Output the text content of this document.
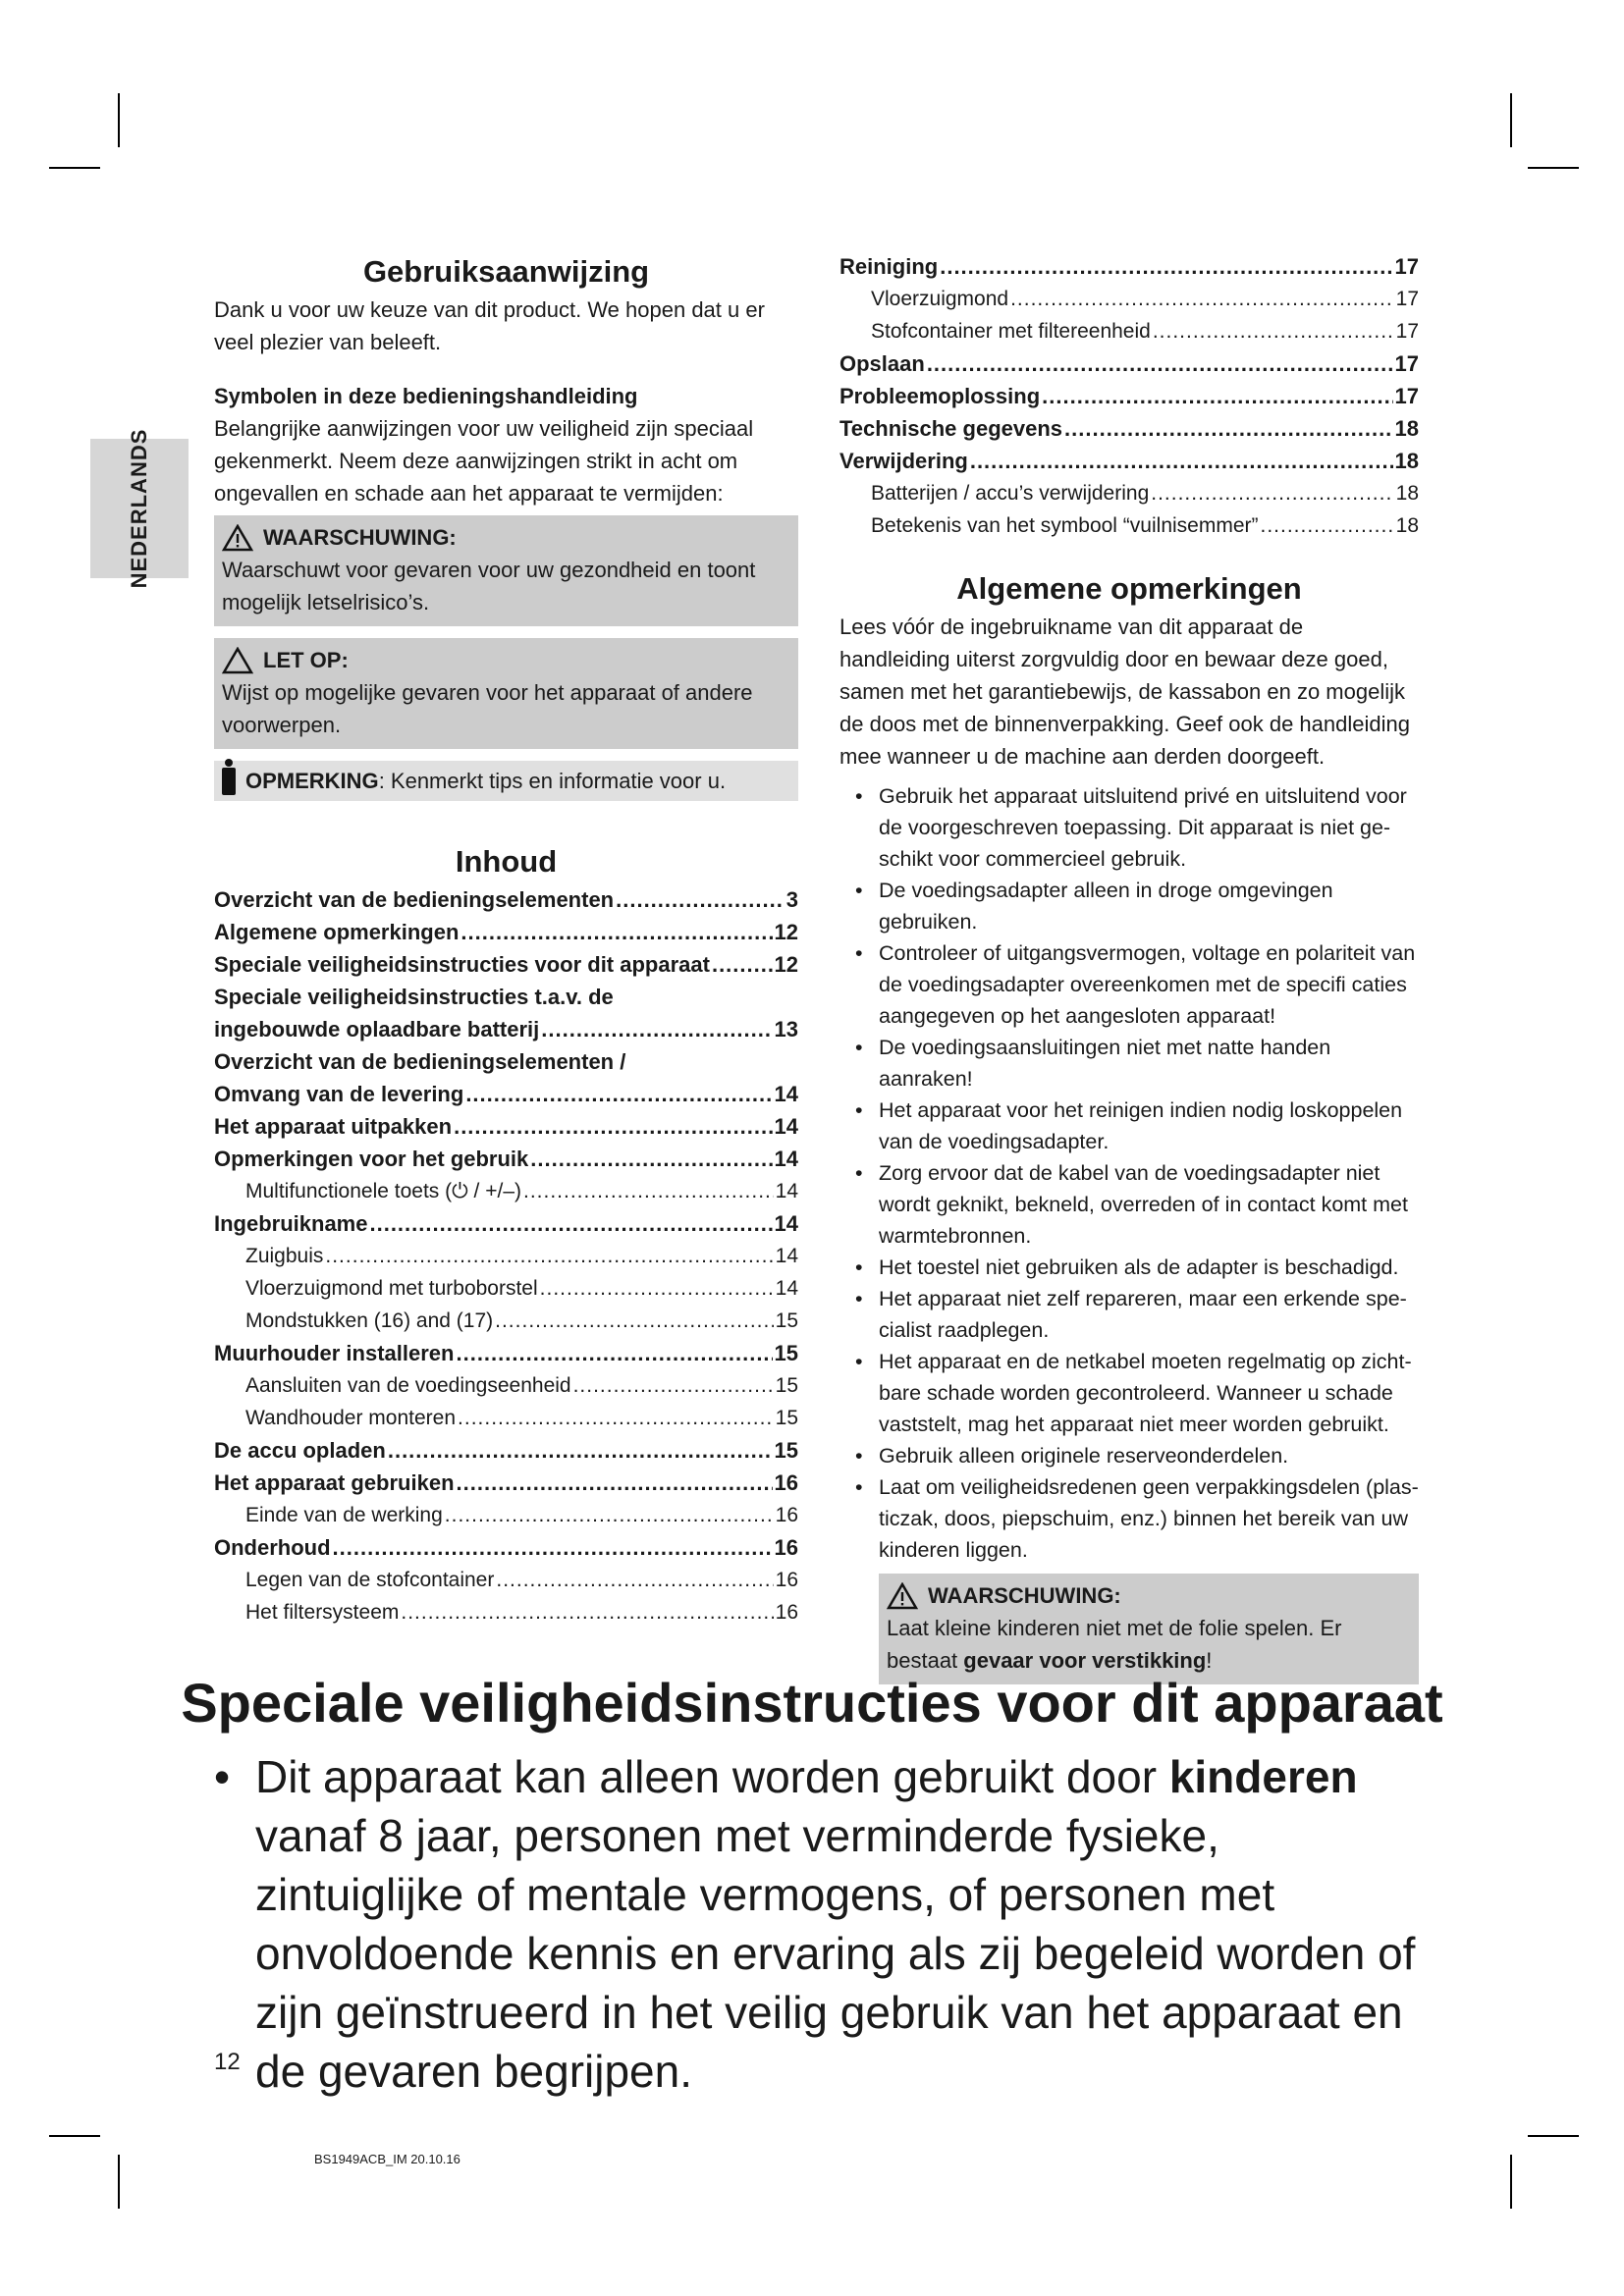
NEDERLANDS
Gebruiksaanwijzing

Dank u voor uw keuze van dit product. We hopen dat u er veel plezier van beleeft.

Symbolen in deze bedieningshandleiding

Belangrijke aanwijzingen voor uw veiligheid zijn speciaal gekenmerkt. Neem deze aanwijzingen strikt in acht om ongevallen en schade aan het apparaat te vermijden:

WAARSCHUWING:

Waarschuwt voor gevaren voor uw gezondheid en toont mogelijk letselrisico’s.

LET OP:

Wijst op mogelijke gevaren voor het apparaat of andere voorwerpen.

OPMERKING: Kenmerkt tips en informatie voor u.
Inhoud
Overzicht van de bedieningselementen .....	3
Algemene opmerkingen .....	12
Speciale veiligheidsinstructies voor dit apparaat .....	12
Speciale veiligheidsinstructies t.a.v. de
ingebouwde oplaadbare batterij .....	13
Overzicht van de bedieningselementen /
Omvang van de levering .....	14
Het apparaat uitpakken .....	14
Opmerkingen voor het gebruik .....	14
Multifunctionele toets (⏻ / +/–) .....	14
Ingebruikname .....	14
Zuigbuis .....	14
Vloerzuigmond met turboborstel .....	14
Mondstukken (16) and (17) .....	15
Muurhouder installeren .....	15
Aansluiten van de voedingseenheid .....	15
Wandhouder monteren .....	15
De accu opladen .....	15
Het apparaat gebruiken .....	16
Einde van de werking .....	16
Onderhoud .....	16
Legen van de stofcontainer .....	16
Het filtersysteem .....	16
Reiniging .....	17
Vloerzuigmond .....	17
Stofcontainer met filtereenheid .....	17
Opslaan .....	17
Probleemoplossing .....	17
Technische gegevens .....	18
Verwijdering .....	18
Batterijen / accu’s verwijdering .....	18
Betekenis van het symbool “vuilnisemmer” .....	18
Algemene opmerkingen

Lees vóór de ingebruikname van dit apparaat de handleiding uiterst zorgvuldig door en bewaar deze goed, samen met het garantiebewijs, de kassabon en zo mogelijk de doos met de binnenverpakking. Geef ook de handleiding mee wanneer u de machine aan derden doorgeeft.

• Gebruik het apparaat uitsluitend privé en uitsluitend voor de voorgeschreven toepassing. Dit apparaat is niet ge-schikt voor commercieel gebruik.
• De voedingsadapter alleen in droge omgevingen gebruiken.
• Controleer of uitgangsvermogen, voltage en polariteit van de voedingsadapter overeenkomen met de specifi caties aangegeven op het aangesloten apparaat!
• De voedingsaansluitingen niet met natte handen aanraken!
• Het apparaat voor het reinigen indien nodig loskoppelen van de voedingsadapter.
• Zorg ervoor dat de kabel van de voedingsadapter niet wordt geknikt, bekneld, overreden of in contact komt met warmtebronnen.
• Het toestel niet gebruiken als de adapter is beschadigd.
• Het apparaat niet zelf repareren, maar een erkende spe-cialist raadplegen.
• Het apparaat en de netkabel moeten regelmatig op zicht-bare schade worden gecontroleerd. Wanneer u schade vaststelt, mag het apparaat niet meer worden gebruikt.
• Gebruik alleen originele reserveonderdelen.
• Laat om veiligheidsredenen geen verpakkingsdelen (plas-ticzak, doos, piepschuim, enz.) binnen het bereik van uw kinderen liggen.
WAARSCHUWING:

Laat kleine kinderen niet met de folie spelen. Er bestaat gevaar voor verstikking!

Speciale veiligheidsinstructies voor dit apparaat
• Dit apparaat kan alleen worden gebruikt door kinderen vanaf 8 jaar, personen met verminderde fysieke, zintuiglijke of mentale vermogens, of personen met onvoldoende kennis en ervaring als zij begeleid worden of zijn geïnstrueerd in het veilig gebruik van het apparaat en de gevaren begrijpen.
12
BS1949ACB_IM 20.10.16
